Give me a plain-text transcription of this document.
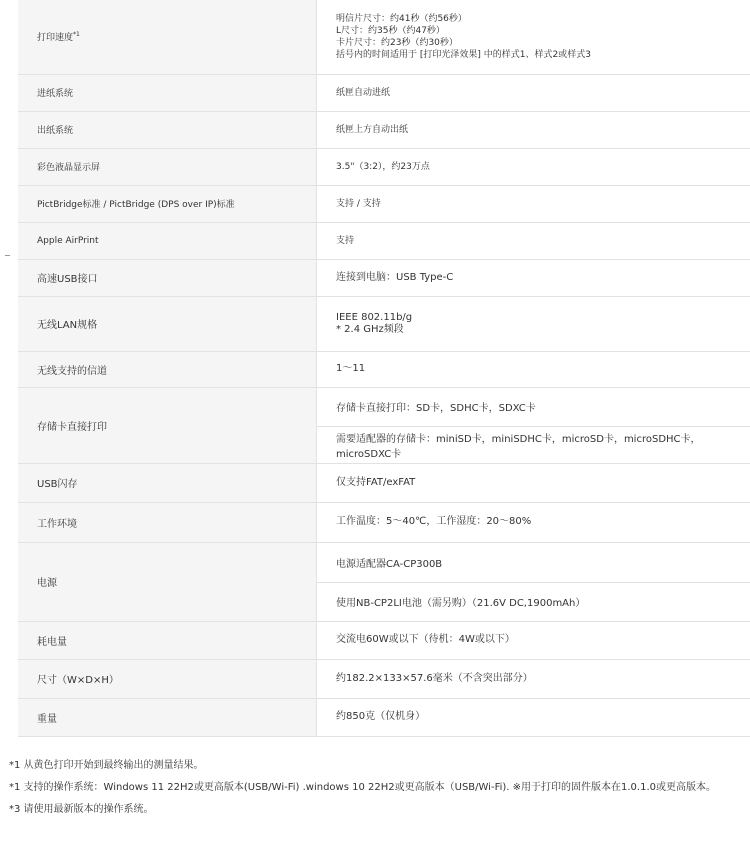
打印速度$^{*1}$	明信片尺寸：约41秒（约56秒）
L尺寸：约35秒（约47秒）
卡片尺寸：约23秒（约30秒）
括号内的时间适用于 [打印光泽效果] 中的样式1、样式2或样式3

进纸系统	纸匣自动进纸

出纸系统	纸匣上方自动出纸

彩色液晶显示屏	3.5"（3:2），约23万点

PictBridge标准 / PictBridge (DPS over IP)标准	支持 / 支持

Apple AirPrint	支持

高速USB接口	连接到电脑：USB Type-C

无线LAN规格	IEEE 802.11b/g
* 2.4 GHz频段

无线支持的信道	1～11

存储卡直接打印	存储卡直接打印：SD卡，SDHC卡，SDXC卡
需要适配器的存储卡：miniSD卡，miniSDHC卡，microSD卡，microSDHC卡，microSDXC卡

USB闪存	仅支持FAT/exFAT

工作环境	工作温度：5～40℃，工作湿度：20～80%

电源	电源适配器CA-CP300B
使用NB-CP2LI电池（需另购）（21.6V DC,1900mAh）

耗电量	交流电60W或以下（待机：4W或以下）

尺寸（W×D×H）	约182.2×133×57.6毫米（不含突出部分）

重量	约850克（仅机身）
*1 从黄色打印开始到最终输出的测量结果。
*1 支持的操作系统：Windows 11 22H2或更高版本(USB/Wi-Fi) .windows 10 22H2或更高版本（USB/Wi-Fi). ※用于打印的固件版本在1.0.1.0或更高版本。
*3 请使用最新版本的操作系统。
